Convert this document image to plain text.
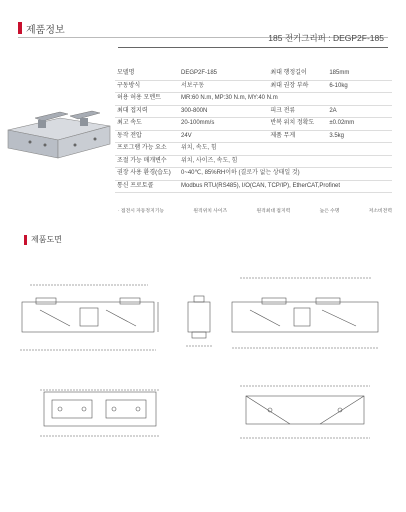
제품정보
185 전기그리퍼 : DEGP2F-185
모델명	DEGP2F-185	최대 행정길이	185mm
구동방식	서보구동	최대 권장 부하	6-10kg
허용 허용 모멘트	MR:60 N.m, MP:30 N.m, MY:40 N.m		
최대 접지력	300-800N	피크 전류	2A
최고 속도	20-100mm/s	반복 위치 정확도	±0.02mm
동작 전압	24V	제품 무게	3.5kg
프로그램 가능 요소	위치, 속도, 힘		
조절 가능 매개변수	위치, 사이즈, 속도, 힘		
권장 사용 환경(습도)	0~40℃, 85%RH이하 (결로가 없는 상태일 것)		
통신 프로토콜	Modbus RTU(RS485), I/O(CAN, TCP/IP), EtherCAT,Profinet		
· 접전시 자동정지기능	원격위치 사이즈	원격최대 접지력	높은 수명	저소비전력
제품도면
